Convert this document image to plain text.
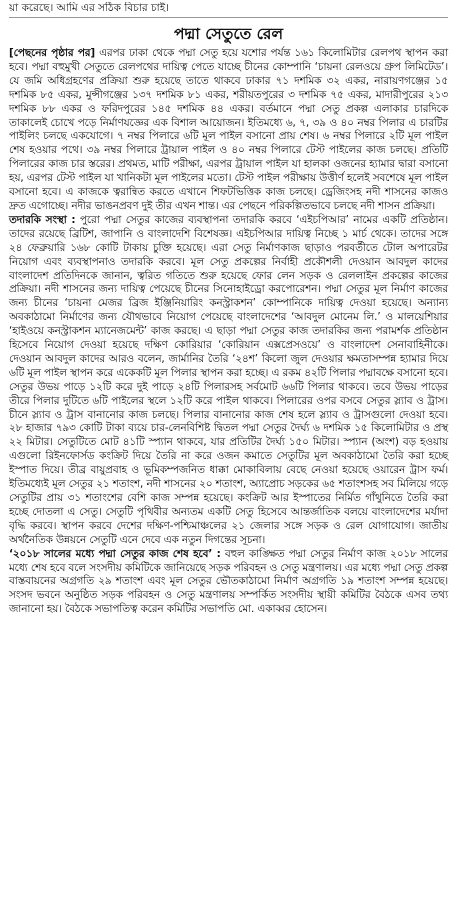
য়া করেছে। আমি এর সঠিক বিচার চাই।
পদ্মা সেতুতে রেল

[পেছনের পৃষ্ঠার পর] এরপর ঢাকা থেকে পদ্মা সেতু হয়ে যশোর পর্যন্ত ১৬১ কিলোমিটার রেলপথ স্থাপন করা হবে। পদ্মা বহুমুখী সেতুতে রেলপথের দায়িত্ব পেতে যাচ্ছে চীনের কোম্পানি ‘চায়না রেলওয়ে গ্রুপ লিমিটেড’। যে জমি অধিগ্রহণের প্রক্রিয়া শুরু হয়েছে তাতে থাকবে ঢাকার ৭১ দশমিক ৩২ একর, নারায়ণগঞ্জের ১৫ দশমিক ৮৫ একর, মুন্সীগঞ্জের ১৩৭ দশমিক ৮১ একর, শরীয়তপুরের ৩ দশমিক ৭৫ একর, মাদারীপুরের ২১৩ দশমিক ৮৮ একর ও ফরিদপুরের ১৪৫ দশমিক ৪৪ একর। বর্তমানে পদ্মা সেতু প্রকল্প এলাকার চারদিকে তাকালেই চোখে পড়ে নির্মাণযজ্ঞের এক বিশাল আয়োজন। ইতিমধ্যে ৬, ৭, ৩৯ ও ৪০ নম্বর পিলার এ চারটির পাইলিং চলছে একযোগে। ৭ নম্বর পিলারে ৬টি মূল পাইল বসানো প্রায় শেষ। ৬ নম্বর পিলারে ২টি মূল পাইল শেষ হওয়ার পথে। ৩৯ নম্বর পিলারে ট্রায়াল পাইল ও ৪০ নম্বর পিলারে টেস্ট পাইলের কাজ চলছে। প্রতিটি পিলারের কাজ চার স্তরের। প্রথমত, মাটি পরীক্ষা, এরপর ট্রায়াল পাইল যা হালকা ওজনের হ্যামার দ্বারা বসানো হয়, এরপর টেস্ট পাইল যা খানিকটা মূল পাইলের মতো। টেস্ট পাইল পরীক্ষায় উত্তীর্ণ হলেই সবশেষে মূল পাইল বসানো হবে। এ কাজকে ত্বরান্বিত করতে এখানে শিফটভিত্তিক কাজ চলছে। ড্রেজিংসহ নদী শাসনের কাজও দ্রুত এগোচ্ছে। নদীর ভাঙনপ্রবণ দুই তীর এখন শান্ত। এর পেছনে পরিকল্পিতভাবে চলছে নদী শাসন প্রক্রিয়া।

তদারকি সংস্থা : পুরো পদ্মা সেতুর কাজের ব্যবস্থাপনা তদারকি করবে ‘এইচপিআর’ নামের একটি প্রতিষ্ঠান। তাদের রয়েছে ব্রিটিশ, জাপানি ও বাংলাদেশি বিশেষজ্ঞ। এইচপিআর দায়িত্ব নিচ্ছে ১ মার্চ থেকে। তাদের সঙ্গে ২৪ ফেব্রুয়ারি ১৬৮ কোটি টাকায় চুক্তি হয়েছে। এরা সেতু নির্মাণকাজ ছাড়াও পরবর্তীতে টোল অপারেটর নিয়োগ এবং ব্যবস্থাপনাও তদারকি করবে। মূল সেতু প্রকল্পের নির্বাহী প্রকৌশলী দেওয়ান আবদুল কাদের বাংলাদেশ প্রতিদিনকে জানান, ত্বরিত গতিতে শুরু হয়েছে ফোর লেন সড়ক ও রেললাইন প্রকল্পের কাজের প্রক্রিয়া। নদী শাসনের জন্য দায়িত্ব পেয়েছে চীনের সিনোহাইড্রো করপোরেশন। পদ্মা সেতুর মূল নির্মাণ কাজের জন্য চীনের ‘চায়না মেজর ব্রিজ ইঞ্জিনিয়ারিং কনস্ট্রাকশন’ কোম্পানিকে দায়িত্ব দেওয়া হয়েছে। অন্যান্য অবকাঠামো নির্মাণের জন্য যৌথভাবে নিয়োগ পেয়েছে বাংলাদেশের ‘আবদুল মোনেম লি.’ ও মালয়েশিয়ার ‘হাইওয়ে কনস্ট্রাকশন ম্যানেজমেন্ট’ কাজ করছে। এ ছাড়া পদ্মা সেতুর কাজ তদারকির জন্য পরামর্শক প্রতিষ্ঠান হিসেবে নিয়োগ দেওয়া হয়েছে দক্ষিণ কোরিয়ার ‘কোরিয়ান এক্সপ্রেসওয়ে’ ও বাংলাদেশ সেনাবাহিনীকে। দেওয়ান আবদুল কাদের আরও বলেন, জার্মানির তৈরি ‘২৪শ’ কিলো জুল দেওয়ার ক্ষমতাসম্পন্ন হ্যামার দিয়ে ৬টি মূল পাইল স্থাপন করে একেকটি মূল পিলার স্থাপন করা হচ্ছে। এ রকম ৪২টি পিলার পদ্মাবক্ষে বসানো হবে। সেতুর উভয় পাড়ে ১২টি করে দুই পাড়ে ২৪টি পিলারসহ সর্বমোট ৬৬টি পিলার থাকবে। তবে উভয় পাড়ের তীরে পিলার দুটিতে ৬টি পাইলের স্থলে ১২টি করে পাইল থাকবে। পিলারের ওপর বসবে সেতুর স্ল্যাব ও ট্রাস। চীনে স্ল্যাব ও ট্রাস বানানোর কাজ চলছে। পিলার বানানোর কাজ শেষ হলে স্ল্যাব ও ট্রাসগুলো দেওয়া হবে। ২৮ হাজার ৭৯৩ কোটি টাকা ব্যয়ে চার-লেনবিশিষ্ট দ্বিতল পদ্মা সেতুর দৈর্ঘ্য ৬ দশমিক ১৫ কিলোমিটার ও প্রস্থ ২২ মিটার। সেতুটিতে মোট ৪১টি স্প্যান থাকবে, যার প্রতিটির দৈর্ঘ্য ১৫০ মিটার। স্প্যান (অংশ) বড় হওয়ায় এগুলো রিইনফোর্সড কংক্রিট দিয়ে তৈরি না করে ওজন কমাতে সেতুটির মূল অবকাঠামো তৈরি করা হচ্ছে ইস্পাত দিয়ে। তীব্র বায়ুপ্রবাহ ও ভূমিকম্পজনিত ধাক্কা মোকাবিলায় বেছে নেওয়া হয়েছে ওয়ারেন ট্রাস ফর্ম। ইতিমধ্যেই মূল সেতুর ২১ শতাংশ, নদী শাসনের ২০ শতাংশ, অ্যাপ্রোচ সড়কের ৬৫ শতাংশসহ সব মিলিয়ে গড়ে সেতুটির প্রায় ৩১ শতাংশের বেশি কাজ সম্পন্ন হয়েছে। কংক্রিট আর ইস্পাতের নির্মিত গাঁথুনিতে তৈরি করা হচ্ছে দোতলা এ সেতু। সেতুটি পৃথিবীর অন্যতম একটি সেতু হিসেবে আন্তর্জাতিক বলয়ে বাংলাদেশের মর্যাদা বৃদ্ধি করবে। স্থাপন করবে দেশের দক্ষিণ-পশ্চিমাঞ্চলের ২১ জেলার সঙ্গে সড়ক ও রেল যোগাযোগ। জাতীয় অর্থনৈতিক উন্নয়নে সেতুটি এনে দেবে এক নতুন দিগন্তের সূচনা।

‘২০১৮ সালের মধ্যে পদ্মা সেতুর কাজ শেষ হবে’ : বহুল কাঙ্ক্ষিত পদ্মা সেতুর নির্মাণ কাজ ২০১৮ সালের মধ্যে শেষ হবে বলে সংসদীয় কমিটিকে জানিয়েছে সড়ক পরিবহন ও সেতু মন্ত্রণালয়। এর মধ্যে পদ্মা সেতু প্রকল্প বাস্তবায়নের অগ্রগতি ২৯ শতাংশ এবং মূল সেতুর ভৌতকাঠামো নির্মাণ অগ্রগতি ১৯ শতাংশ সম্পন্ন হয়েছে। সংসদ ভবনে অনুষ্ঠিত সড়ক পরিবহন ও সেতু মন্ত্রণালয় সম্পর্কিত সংসদীয় স্থায়ী কমিটির বৈঠকে এসব তথ্য জানানো হয়। বৈঠকে সভাপতিত্ব করেন কমিটির সভাপতি মো. একাব্বর হোসেন।
